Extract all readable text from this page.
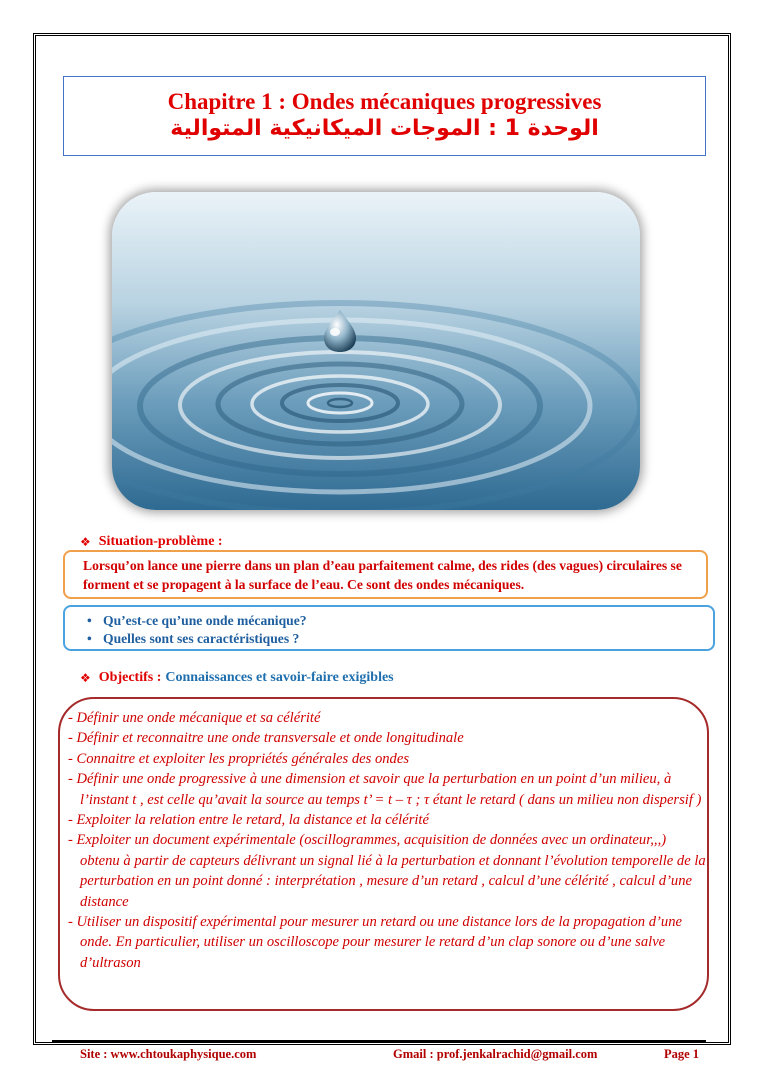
Chapitre 1 : Ondes mécaniques progressives
الوحدة 1 : الموجات الميكانيكية المتوالية
❖ Situation-problème :
Lorsqu’on lance une pierre dans un plan d’eau parfaitement calme, des rides (des vagues) circulaires se forment et se propagent à la surface de l’eau. Ce sont des ondes mécaniques.
• Qu’est-ce qu’une onde mécanique?
• Quelles sont ses caractéristiques ?
❖ Objectifs : Connaissances et savoir-faire exigibles
- Définir une onde mécanique et sa célérité
- Définir et reconnaitre une onde transversale et onde longitudinale
- Connaitre et exploiter les propriétés générales des ondes
- Définir une onde progressive à une dimension et savoir que la perturbation en un point d’un milieu, à l’instant t , est celle qu’avait la source au temps t’ = t – τ ; τ étant le retard ( dans un milieu non dispersif )
- Exploiter la relation entre le retard, la distance et la célérité
- Exploiter un document expérimentale (oscillogrammes, acquisition de données avec un ordinateur,,,) obtenu à partir de capteurs délivrant un signal lié à la perturbation et donnant l’évolution temporelle de la perturbation en un point donné : interprétation , mesure d’un retard , calcul d’une célérité , calcul d’une distance
- Utiliser un dispositif expérimental pour mesurer un retard ou une distance lors de la propagation d’une onde. En particulier, utiliser un oscilloscope pour mesurer le retard d’un clap sonore ou d’une salve d’ultrason
Site : www.chtoukaphysique.com	Gmail : prof.jenkalrachid@gmail.com	Page 1
